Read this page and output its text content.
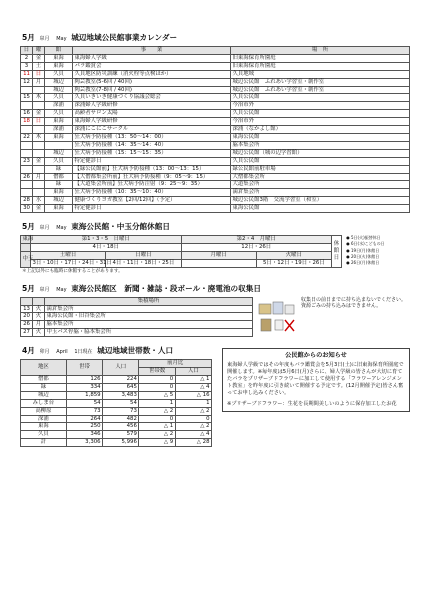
5月 皐月 May 城辺地域公民館事業カレンダー
日	曜	館	事　　業	場　所
2	金	東海	東海婦人学級	旧東海保育所園庭
3	土	東海	バラ鑑賞会	旧東海保育所園庭
11	日	久貝	久貝地区防災訓練（消火栓等点検ほか）	久貝地域
12	月	城辺	陶芸教室(5-6回 / 40回)	城辺公民館　ふれあい学習室・創作室
		城辺	陶芸教室(7-8回 / 40回)	城辺公民館　ふれあい学習室・創作室
15	木	久貝	久貝いきいき健康づくり協議会総会	久貝公民館
		深浦	深浦婦人学級研修	今治市外
16	金	久貝	高齢者サロン太陽	久貝公民館
18	日	東海	東海婦人学級研修	今治市外
		深浦	深浦にこにこサークル	深浦（なかよし館）
22	木	東海	狂犬病予防接種（13：50～14：00）	東海公民館
			狂犬病予防接種（14：35～14：40）	脇本集会所
		城辺	狂犬病予防接種（15：15～15：35）	城辺公民館（城の辺学習館）
23	金	久貝	特定健診日	久貝公民館
		緑	【緑公民館前】狂犬病予防接種（13：00～13：15）	緑公民館前駐車場
26	月	僧都	【大僧都集会所前】狂犬病予防接種（9：05～9：15）	大僧都集会所
		緑	【大道集会所前】狂犬病予防注射（9：25～9：35）	大道集会所
		東海	狂犬病予防接種（10：35～10：40）	満倉集会所
28	水	城辺	健康づくりヨガ教室【2回/12回】（予定）	城辺公民館3階　交流学習室（和室）
30	金	東海	特定健診日	東海公民館
5月 皐月 May 東海公民館・中玉分館休館日
東海	第1・3・5　日曜日		第2・4　月曜日		休館日
	4日・18日		12日・26日		
中玉	土曜日	日曜日	月曜日	火曜日	
	3日・10日・17日・24日・31日	4日・11日・18日・25日		5日・12日・19日・26日	
●5日(火)振替休日
●6日(水)こどもの日
●19日(月)休館日
●20日(火)休館日
●26日(月)休館日
＊上記以外にも臨時に休館することがあります。
5月 皐月 May 東海公民館区　新聞・雑誌・段ボール・廃電池の収集日
		集積場所
13	火	満倉集会所
20	火	東海公民館・旧谷集会所
26	月	脇本集会所
27	火	中玉バス停脇・脇本集会所
収集日の前日までに持ち込まないでください。資源ごみの持ち込みはできません。
4月 卯月 April 1日現在 城辺地域世帯数・人口
地区	世帯	人口	前月比	
			世帯数	人口
僧都	126	224	0	△ 1
緑	334	645	0	△ 4
城辺	1,859	3,483	△ 5	△ 16
みしま台	54	54	1	1
高柳原	73	73	△ 2	△ 2
深浦	264	482	0	0
東海	250	456	△ 1	△ 2
久貝	346	579	△ 2	△ 4
計	3,306	5,996	△ 9	△ 28
公民館からのお知らせ
東海婦人学級ではその年度もバラ鑑賞会を5月3日(土)に旧東海保育所園庭で開催します。※毎年度は5月6日(月)さらに、婦人学級の皆さんが大切に育てたバラをプリザーブドフラワーに加工して使用する「フラワーアレンジメント教室」を昨年度に引き続いて開催する予定です。(12月開催予定)皆さん奮ってお申し込みください。
※プリザーブドフラワー：生花を長期間美しいのように保存加工したお花
